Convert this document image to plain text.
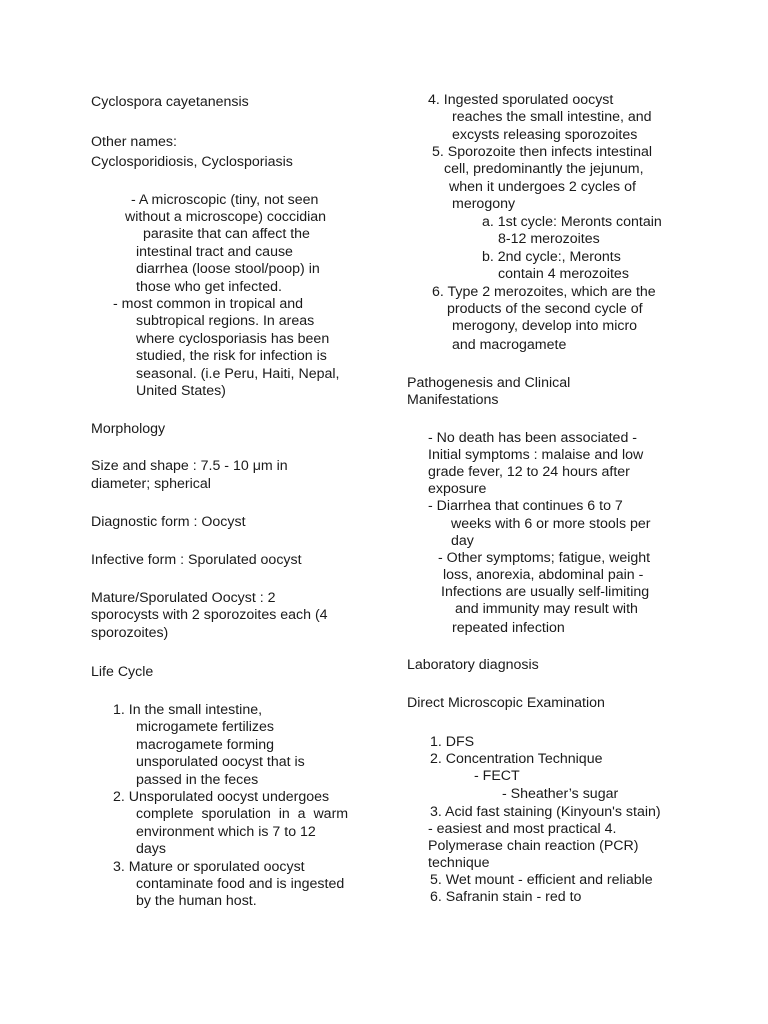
Cyclospora cayetanensis
Other names:
Cyclosporidiosis, Cyclosporiasis
- A microscopic (tiny, not seen
without a microscope) coccidian
parasite that can affect the
intestinal tract and cause
diarrhea (loose stool/poop) in
those who get infected.
- most common in tropical and
subtropical regions. In areas
where cyclosporiasis has been
studied, the risk for infection is
seasonal. (i.e Peru, Haiti, Nepal,
United States)
Morphology
Size and shape : 7.5 - 10 μm in
diameter; spherical
Diagnostic form : Oocyst
Infective form : Sporulated oocyst
Mature/Sporulated Oocyst : 2
sporocysts with 2 sporozoites each (4
sporozoites)
Life Cycle
1. In the small intestine,
microgamete fertilizes
macrogamete forming
unsporulated oocyst that is
passed in the feces
2. Unsporulated oocyst undergoes
complete  sporulation  in  a  warm
environment which is 7 to 12
days
3. Mature or sporulated oocyst
contaminate food and is ingested
by the human host.
4. Ingested sporulated oocyst
reaches the small intestine, and
excysts releasing sporozoites
5. Sporozoite then infects intestinal
cell, predominantly the jejunum,
when it undergoes 2 cycles of
merogony
a. 1st cycle: Meronts contain
8-12 merozoites
b. 2nd cycle:, Meronts
contain 4 merozoites
6. Type 2 merozoites, which are the
products of the second cycle of
merogony, develop into micro
and macrogamete
Pathogenesis and Clinical
Manifestations
- No death has been associated -
Initial symptoms : malaise and low
grade fever, 12 to 24 hours after
exposure
- Diarrhea that continues 6 to 7
weeks with 6 or more stools per
day
- Other symptoms; fatigue, weight
loss, anorexia, abdominal pain -
Infections are usually self-limiting
and immunity may result with
repeated infection
Laboratory diagnosis
Direct Microscopic Examination
1. DFS
2. Concentration Technique
- FECT
- Sheather’s sugar
3. Acid fast staining (Kinyoun's stain)
- easiest and most practical 4.
Polymerase chain reaction (PCR)
technique
5. Wet mount - efficient and reliable
6. Safranin stain - red to
